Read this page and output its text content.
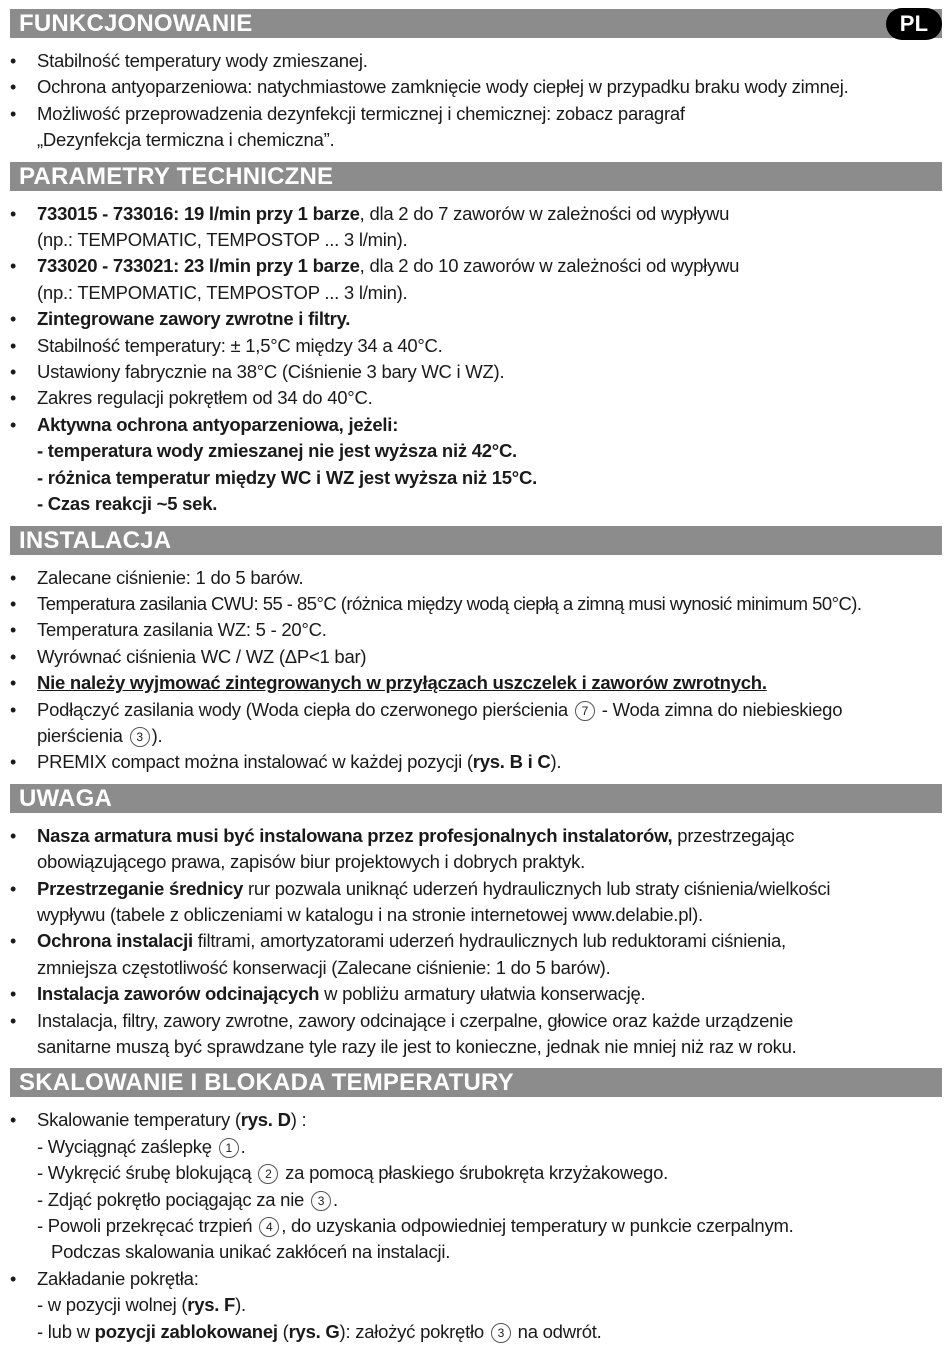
FUNKCJONOWANIE	PL
• Stabilność temperatury wody zmieszanej.
• Ochrona antyoparzeniowa: natychmiastowe zamknięcie wody ciepłej w przypadku braku wody zimnej.
• Możliwość przeprowadzenia dezynfekcji termicznej i chemicznej: zobacz paragraf
„Dezynfekcja termiczna i chemiczna”.
PARAMETRY TECHNICZNE
• 733015 - 733016: 19 l/min przy 1 barze, dla 2 do 7 zaworów w zależności od wypływu
(np.: TEMPOMATIC, TEMPOSTOP ... 3 l/min).
• 733020 - 733021: 23 l/min przy 1 barze, dla 2 do 10 zaworów w zależności od wypływu
(np.: TEMPOMATIC, TEMPOSTOP ... 3 l/min).
• Zintegrowane zawory zwrotne i filtry.
• Stabilność temperatury: ± 1,5°C między 34 a 40°C.
• Ustawiony fabrycznie na 38°C (Ciśnienie 3 bary WC i WZ).
• Zakres regulacji pokrętłem od 34 do 40°C.
• Aktywna ochrona antyoparzeniowa, jeżeli:
- temperatura wody zmieszanej nie jest wyższa niż 42°C.
- różnica temperatur między WC i WZ jest wyższa niż 15°C.
- Czas reakcji ~5 sek.
INSTALACJA
• Zalecane ciśnienie: 1 do 5 barów.
• Temperatura zasilania CWU: 55 - 85°C (różnica między wodą ciepłą a zimną musi wynosić minimum 50°C).
• Temperatura zasilania WZ: 5 - 20°C.
• Wyrównać ciśnienia WC / WZ (ΔP<1 bar)
• Nie należy wyjmować zintegrowanych w przyłączach uszczelek i zaworów zwrotnych.
• Podłączyć zasilania wody (Woda ciepła do czerwonego pierścienia 7 - Woda zimna do niebieskiego
pierścienia 3 ).
• PREMIX compact można instalować w każdej pozycji (rys. B i C).
UWAGA
• Nasza armatura musi być instalowana przez profesjonalnych instalatorów, przestrzegając
obowiązującego prawa, zapisów biur projektowych i dobrych praktyk.
• Przestrzeganie średnicy rur pozwala uniknąć uderzeń hydraulicznych lub straty ciśnienia/wielkości
wypływu (tabele z obliczeniami w katalogu i na stronie internetowej www.delabie.pl).
• Ochrona instalacji filtrami, amortyzatorami uderzeń hydraulicznych lub reduktorami ciśnienia,
zmniejsza częstotliwość konserwacji (Zalecane ciśnienie: 1 do 5 barów).
• Instalacja zaworów odcinających w pobliżu armatury ułatwia konserwację.
• Instalacja, filtry, zawory zwrotne, zawory odcinające i czerpalne, głowice oraz każde urządzenie
sanitarne muszą być sprawdzane tyle razy ile jest to konieczne, jednak nie mniej niż raz w roku.
SKALOWANIE I BLOKADA TEMPERATURY
• Skalowanie temperatury (rys. D) :
- Wyciągnąć zaślepkę 1 .
- Wykręcić śrubę blokującą 2 za pomocą płaskiego śrubokręta krzyżakowego.
- Zdjąć pokrętło pociągając za nie 3 .
- Powoli przekręcać trzpień 4 , do uzyskania odpowiedniej temperatury w punkcie czerpalnym.
Podczas skalowania unikać zakłóceń na instalacji.
• Zakładanie pokrętła:
- w pozycji wolnej (rys. F).
- lub w pozycji zablokowanej (rys. G): założyć pokrętło 3 na odwrót.
